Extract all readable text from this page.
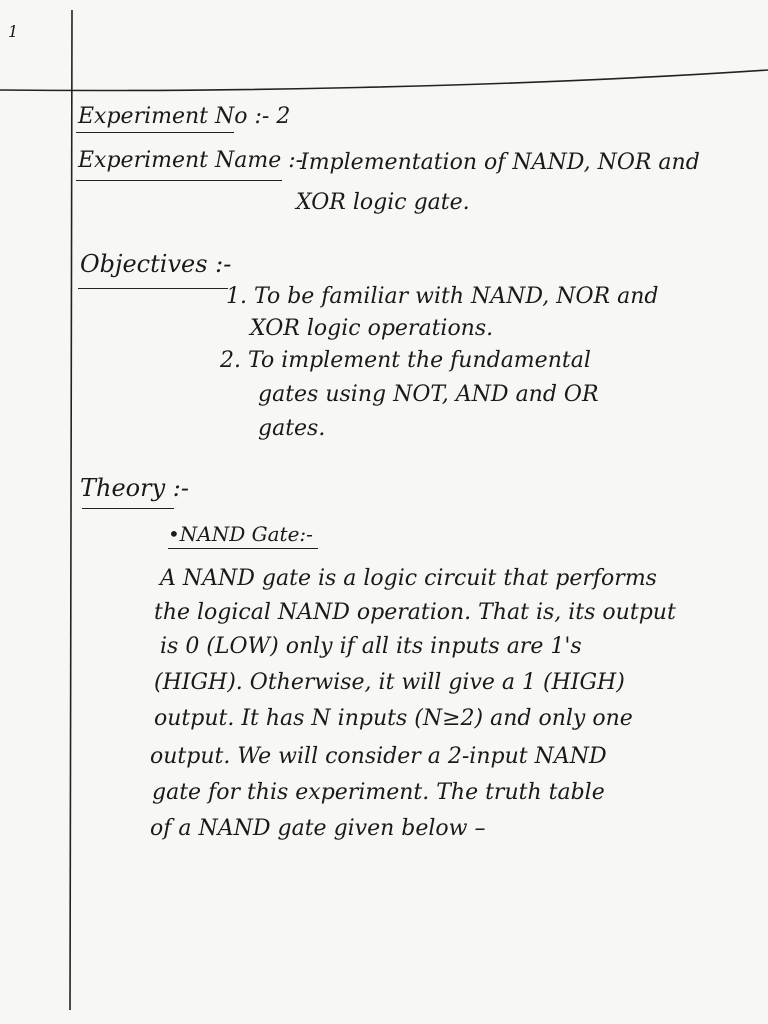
1
Experiment No :- 2
Experiment Name :-
Implementation of NAND, NOR and
XOR logic gate.
Objectives :-
1. To be familiar with NAND, NOR and
XOR logic operations.
2. To implement the fundamental
gates using NOT, AND and OR
gates.
Theory :-
•NAND Gate:-
A NAND gate is a logic circuit that performs
the logical NAND operation. That is, its output
is 0 (LOW) only if all its inputs are 1's
(HIGH). Otherwise, it will give a 1 (HIGH)
output. It has N inputs (N≥2) and only one
output. We will consider a 2-input NAND
gate for this experiment. The truth table
of a NAND gate given below –
